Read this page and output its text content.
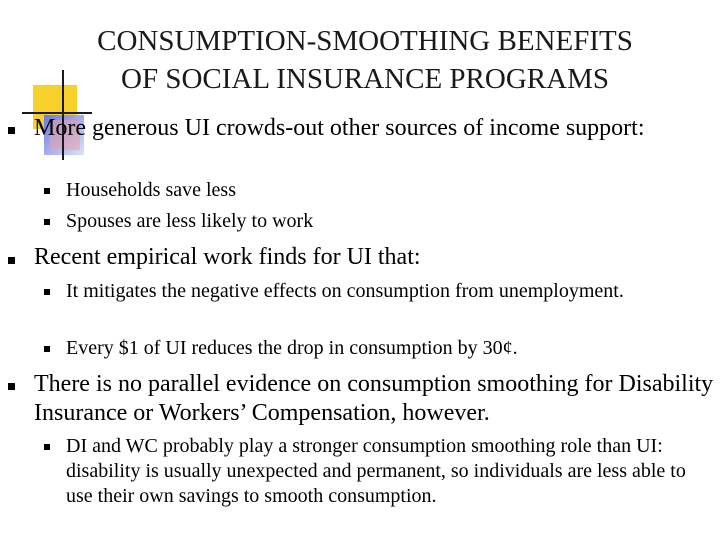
CONSUMPTION-SMOOTHING BENEFITS
OF SOCIAL INSURANCE PROGRAMS
More generous UI crowds-out other sources of income support:
Households save less
Spouses are less likely to work
Recent empirical work finds for UI that:
It mitigates the negative effects on consumption from unemployment.
Every $1 of UI reduces the drop in consumption by 30¢.
There is no parallel evidence on consumption smoothing for Disability Insurance or Workers’ Compensation, however.
DI and WC probably play a stronger consumption smoothing role than UI: disability is usually unexpected and permanent, so individuals are less able to use their own savings to smooth consumption.
